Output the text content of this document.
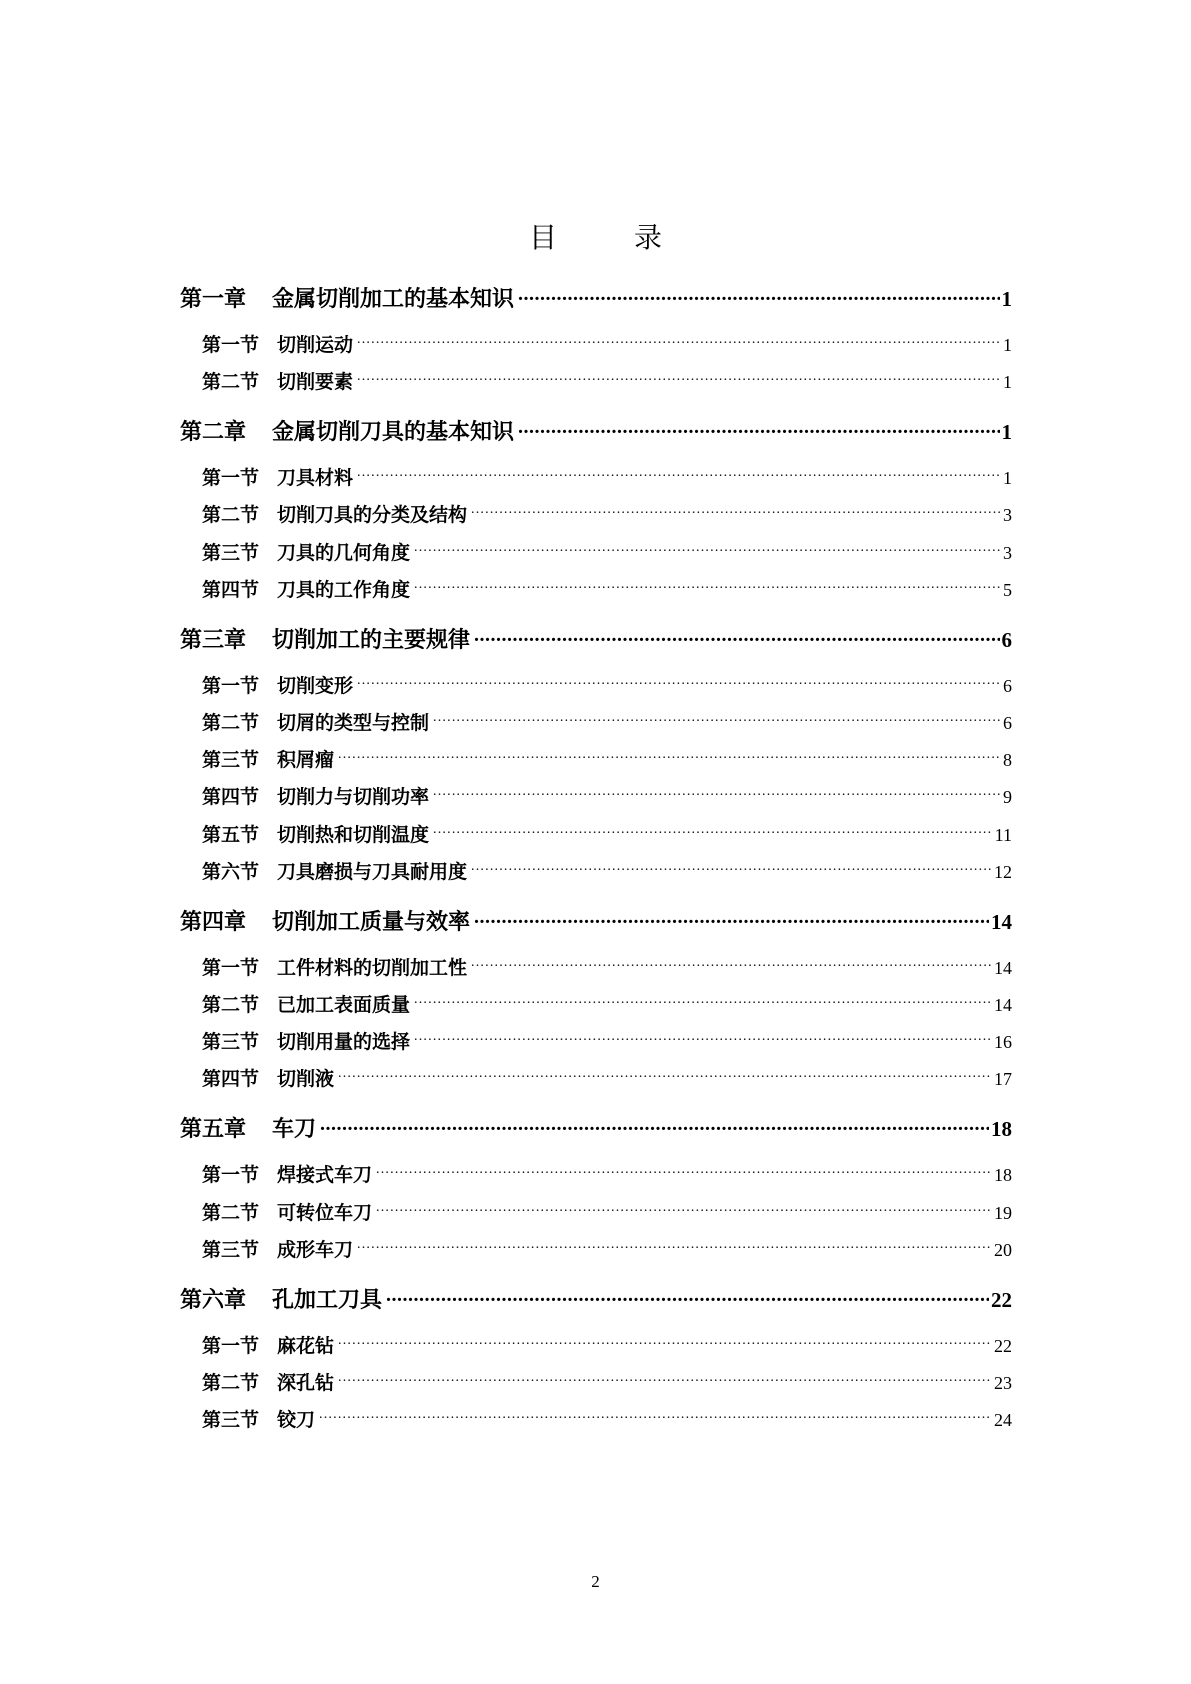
目 录
第一章 金属切削加工的基本知识 .....	1
第一节 切削运动 .....	1
第二节 切削要素 .....	1
第二章 金属切削刀具的基本知识 .....	1
第一节 刀具材料 .....	1
第二节 切削刀具的分类及结构 .....	3
第三节 刀具的几何角度 .....	3
第四节 刀具的工作角度 .....	5
第三章 切削加工的主要规律 .....	6
第一节 切削变形 .....	6
第二节 切屑的类型与控制 .....	6
第三节 积屑瘤 .....	8
第四节 切削力与切削功率 .....	9
第五节 切削热和切削温度 .....	11
第六节 刀具磨损与刀具耐用度 .....	12
第四章 切削加工质量与效率 .....	14
第一节 工件材料的切削加工性 .....	14
第二节 已加工表面质量 .....	14
第三节 切削用量的选择 .....	16
第四节 切削液 .....	17
第五章 车刀 .....	18
第一节 焊接式车刀 .....	18
第二节 可转位车刀 .....	19
第三节 成形车刀 .....	20
第六章 孔加工刀具 .....	22
第一节 麻花钻 .....	22
第二节 深孔钻 .....	23
第三节 铰刀 .....	24
2
